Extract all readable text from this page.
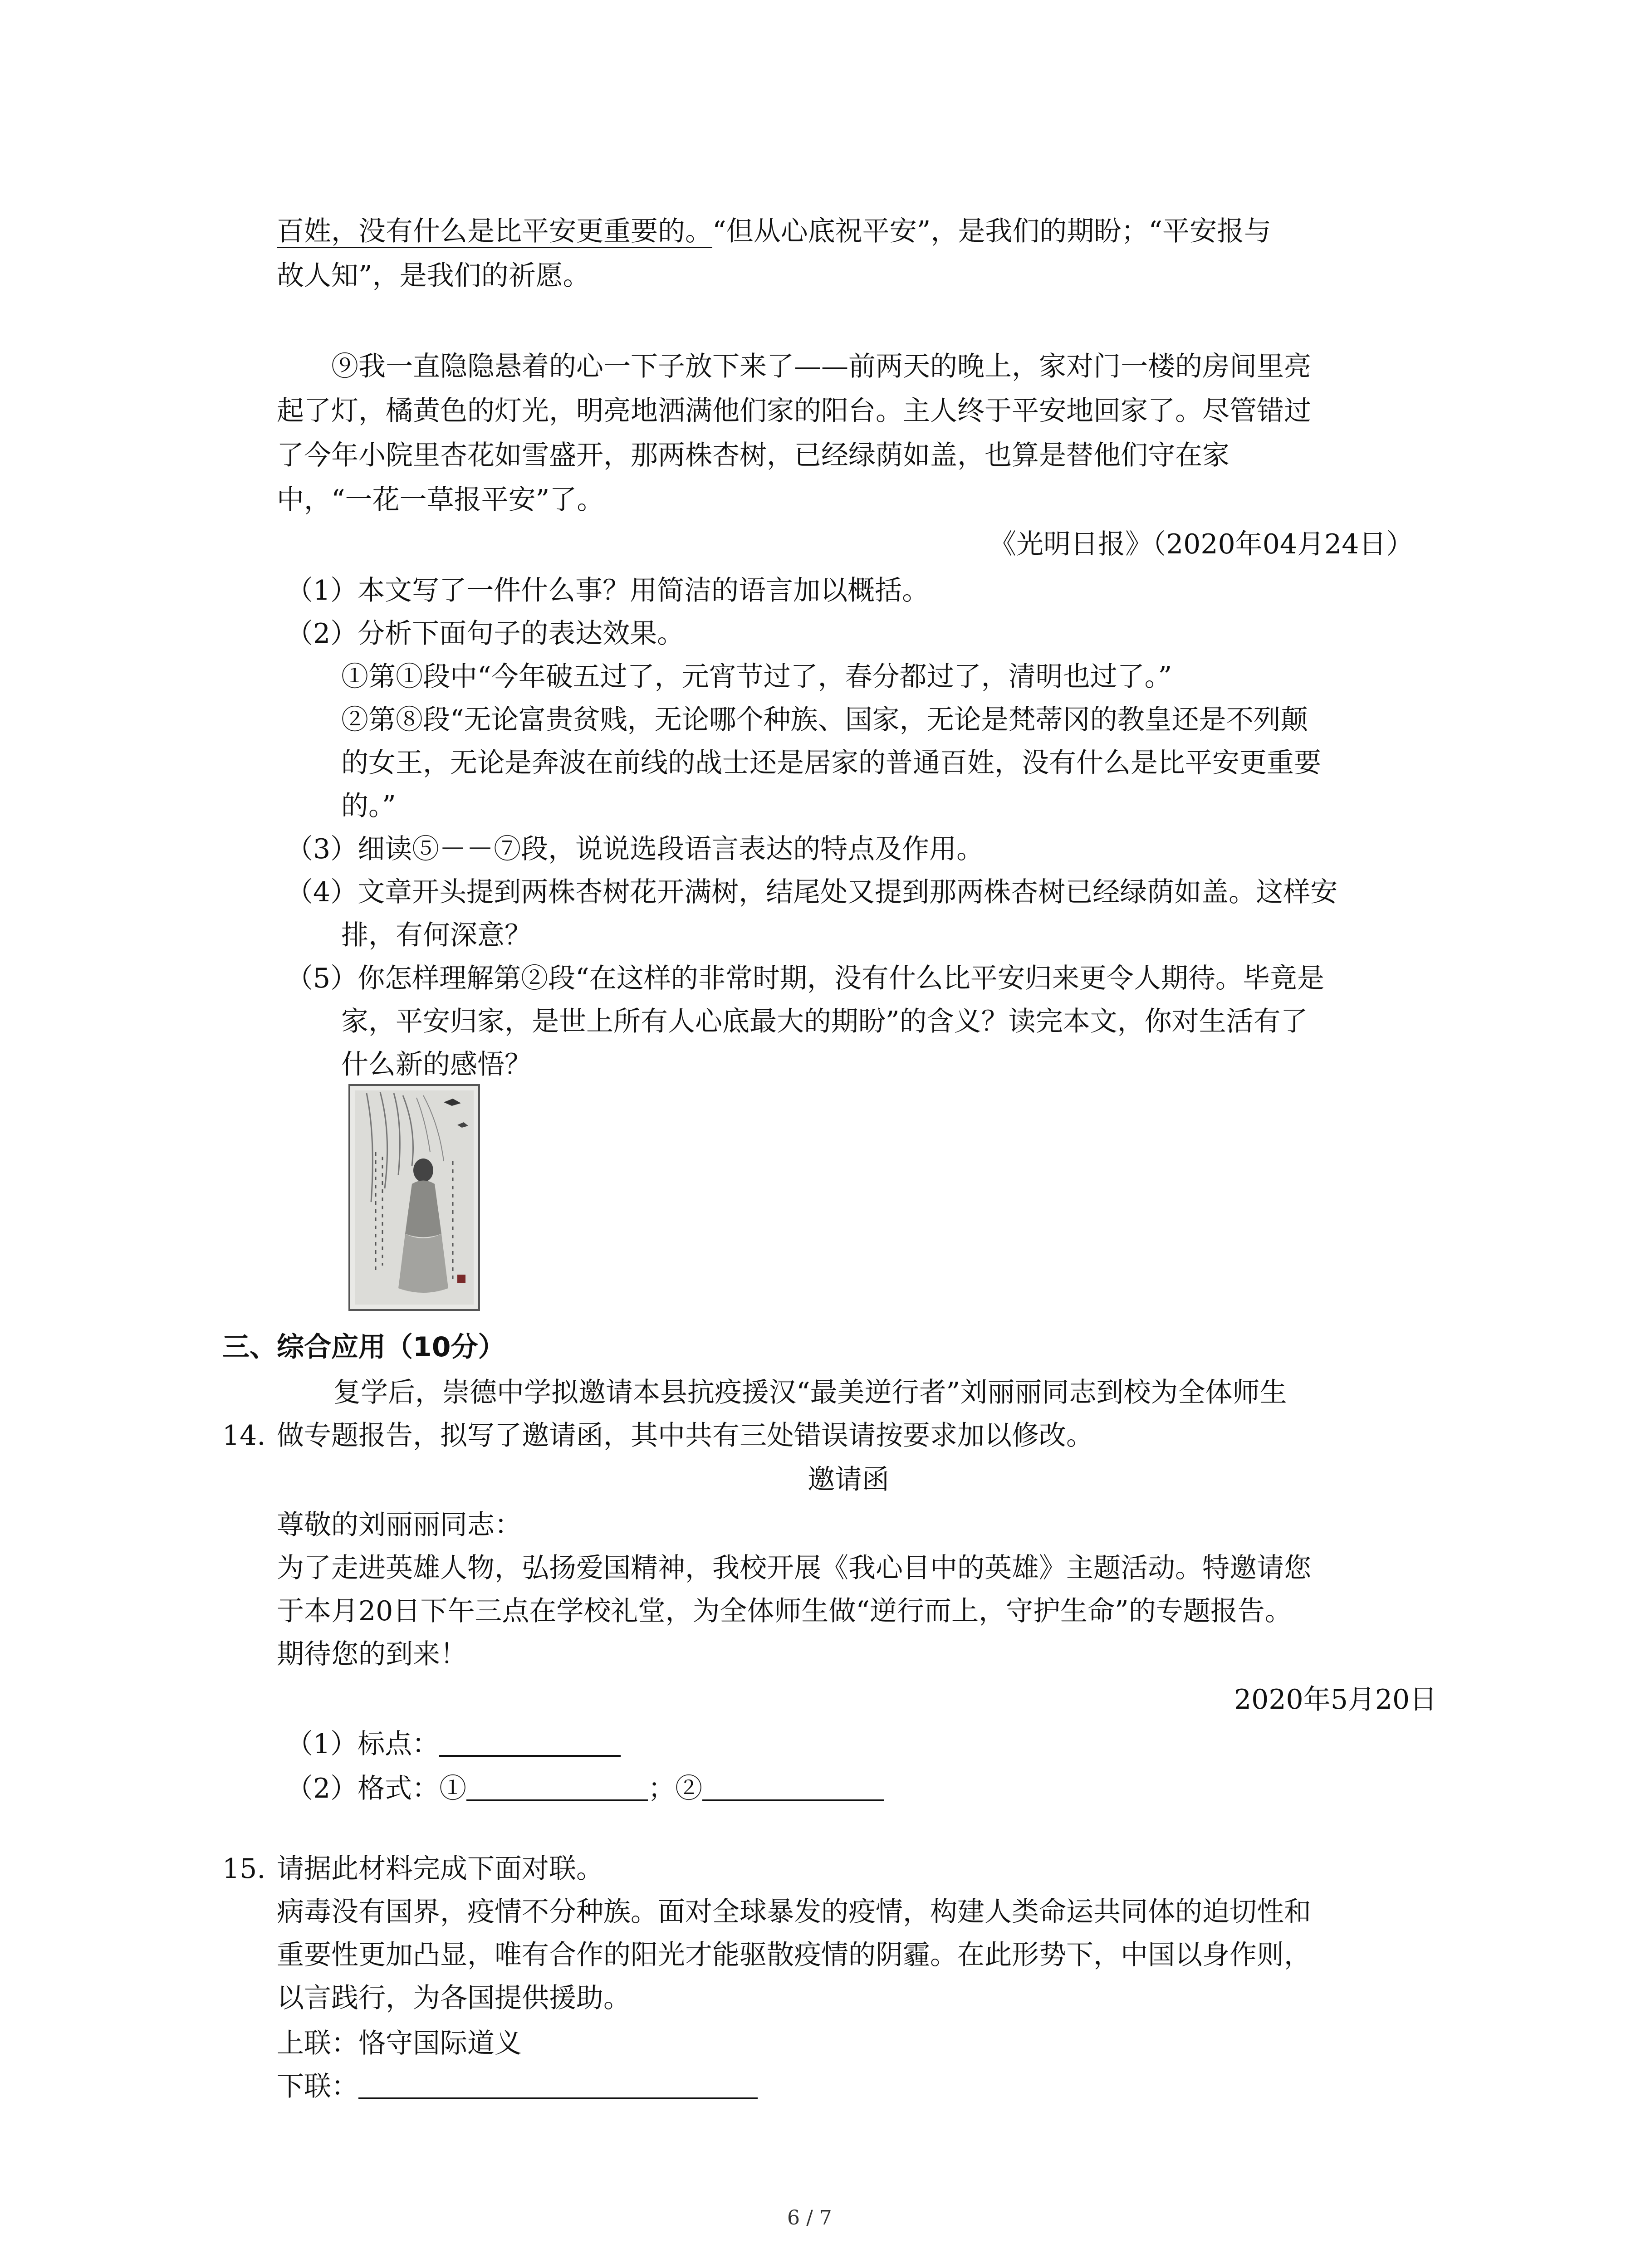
百姓，没有什么是比平安更重要的。“但从心底祝平安”，是我们的期盼；“平安报与
故人知”，是我们的祈愿。
⑨我一直隐隐悬着的心一下子放下来了——前两天的晚上，家对门一楼的房间里亮
起了灯，橘黄色的灯光，明亮地洒满他们家的阳台。主人终于平安地回家了。尽管错过
了今年小院里杏花如雪盛开，那两株杏树，已经绿荫如盖，也算是替他们守在家
中，“一花一草报平安”了。
《光明日报》（2020年04月24日）
（1）本文写了一件什么事？用简洁的语言加以概括。
（2）分析下面句子的表达效果。
①第①段中“今年破五过了，元宵节过了，春分都过了，清明也过了。”
②第⑧段“无论富贵贫贱，无论哪个种族、国家，无论是梵蒂冈的教皇还是不列颠
的女王，无论是奔波在前线的战士还是居家的普通百姓，没有什么是比平安更重要
的。”
（3）细读⑤－－⑦段，说说选段语言表达的特点及作用。
（4）文章开头提到两株杏树花开满树，结尾处又提到那两株杏树已经绿荫如盖。这样安
排，有何深意？
（5）你怎样理解第②段“在这样的非常时期，没有什么比平安归来更令人期待。毕竟是
家，平安归家，是世上所有人心底最大的期盼”的含义？读完本文，你对生活有了
什么新的感悟？
三、综合应用（10分）
复学后，崇德中学拟邀请本县抗疫援汉“最美逆行者”刘丽丽同志到校为全体师生
14. 做专题报告，拟写了邀请函，其中共有三处错误请按要求加以修改。
邀请函
尊敬的刘丽丽同志：
为了走进英雄人物，弘扬爱国精神，我校开展《我心目中的英雄》主题活动。特邀请您
于本月20日下午三点在学校礼堂，为全体师生做“逆行而上，守护生命”的专题报告。
期待您的到来！
2020年5月20日
（1）标点：
（2）格式：①	；②
15. 请据此材料完成下面对联。
病毒没有国界，疫情不分种族。面对全球暴发的疫情，构建人类命运共同体的迫切性和
重要性更加凸显，唯有合作的阳光才能驱散疫情的阴霾。在此形势下，中国以身作则，
以言践行，为各国提供援助。
上联：恪守国际道义
下联：
6 / 7
